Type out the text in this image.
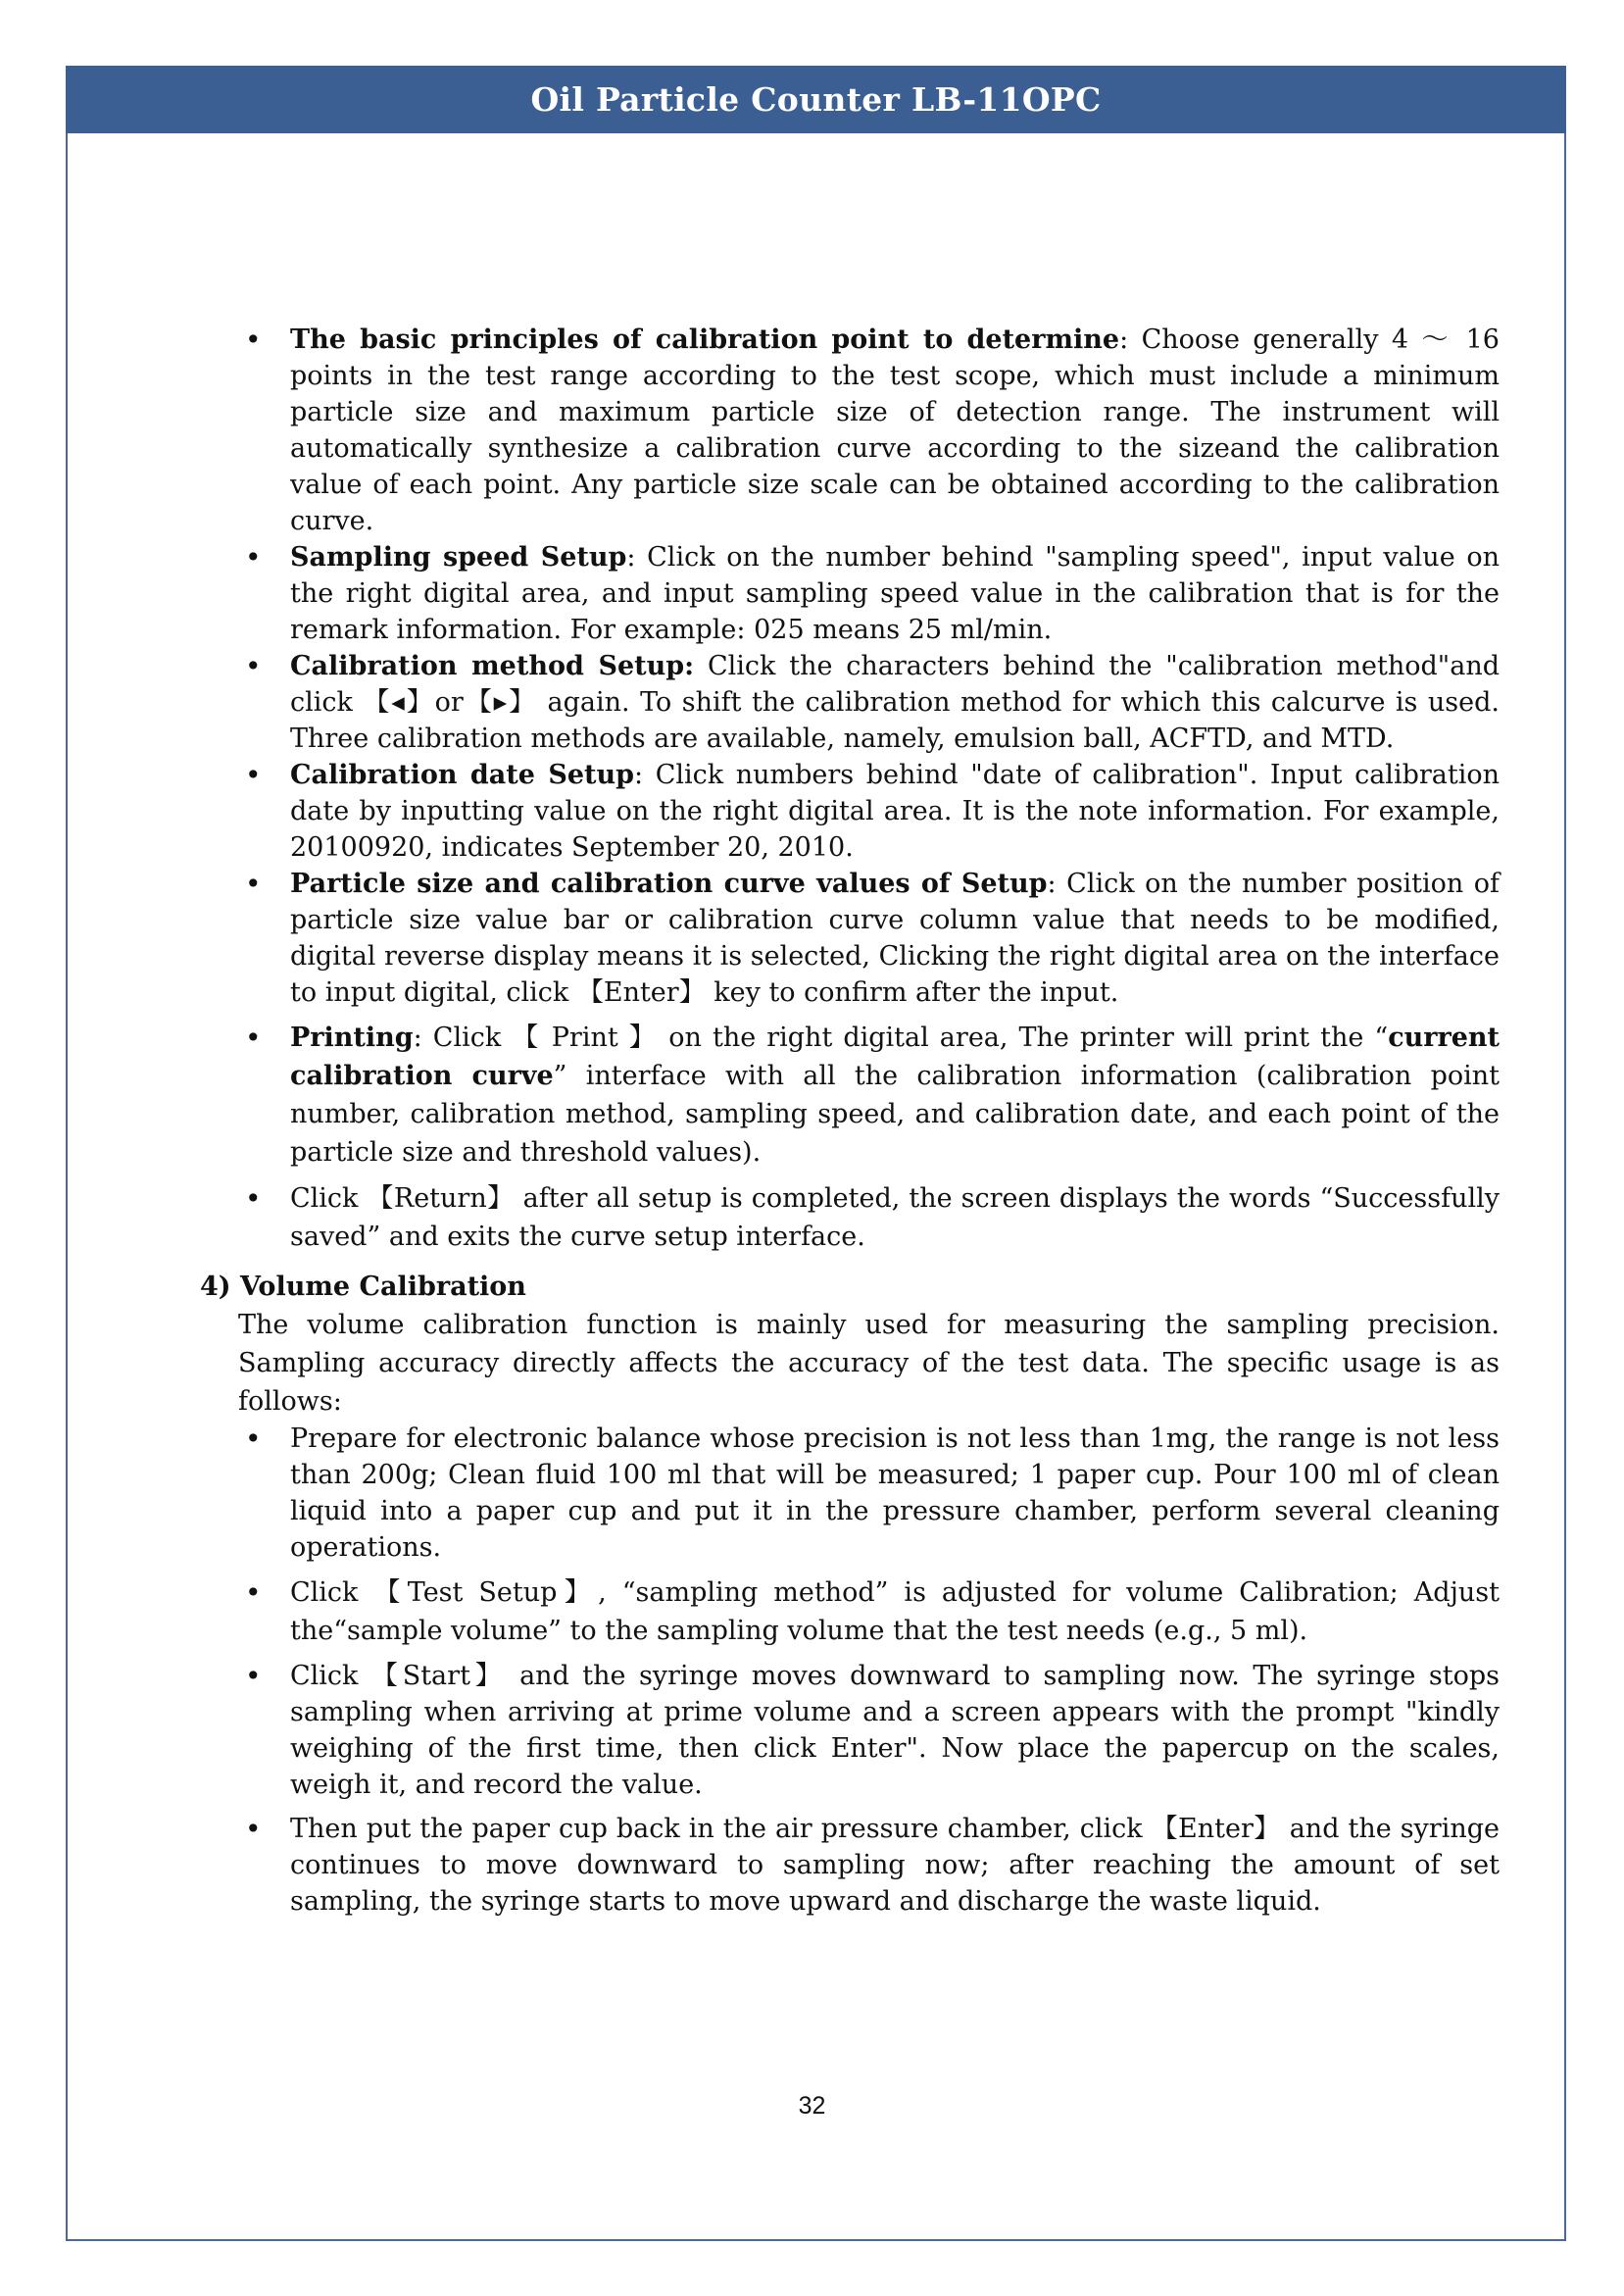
Oil Particle Counter LB-11OPC
• The basic principles of calibration point to determine: Choose generally 4 ～ 16 points in the test range according to the test scope, which must include a minimum particle size and maximum particle size of detection range. The instrument will automatically synthesize a calibration curve according to the sizeand the calibration value of each point. Any particle size scale can be obtained according to the calibration curve.
• Sampling speed Setup: Click on the number behind "sampling speed", input value on the right digital area, and input sampling speed value in the calibration that is for the remark information. For example: 025 means 25 ml/min.
• Calibration method Setup: Click the characters behind the "calibration method"and click 【◂】or【▸】 again. To shift the calibration method for which this calcurve is used. Three calibration methods are available, namely, emulsion ball, ACFTD, and MTD.
• Calibration date Setup: Click numbers behind "date of calibration". Input calibration date by inputting value on the right digital area. It is the note information. For example, 20100920, indicates September 20, 2010.
• Particle size and calibration curve values of Setup: Click on the number position of particle size value bar or calibration curve column value that needs to be modified, digital reverse display means it is selected, Clicking the right digital area on the interface to input digital, click 【Enter】 key to confirm after the input.
• Printing: Click 【 Print 】 on the right digital area, The printer will print the “current calibration curve” interface with all the calibration information (calibration point number, calibration method, sampling speed, and calibration date, and each point of the particle size and threshold values).
• Click 【Return】 after all setup is completed, the screen displays the words “Successfully saved” and exits the curve setup interface.
4) Volume Calibration
The volume calibration function is mainly used for measuring the sampling precision. Sampling accuracy directly affects the accuracy of the test data. The specific usage is as follows:
• Prepare for electronic balance whose precision is not less than 1mg, the range is not less than 200g; Clean fluid 100 ml that will be measured; 1 paper cup. Pour 100 ml of clean liquid into a paper cup and put it in the pressure chamber, perform several cleaning operations.
• Click 【Test Setup】, “sampling method” is adjusted for volume Calibration; Adjust the“sample volume” to the sampling volume that the test needs (e.g., 5 ml).
• Click 【Start】 and the syringe moves downward to sampling now. The syringe stops sampling when arriving at prime volume and a screen appears with the prompt "kindly weighing of the first time, then click Enter". Now place the papercup on the scales, weigh it, and record the value.
• Then put the paper cup back in the air pressure chamber, click 【Enter】 and the syringe continues to move downward to sampling now; after reaching the amount of set sampling, the syringe starts to move upward and discharge the waste liquid.
32
